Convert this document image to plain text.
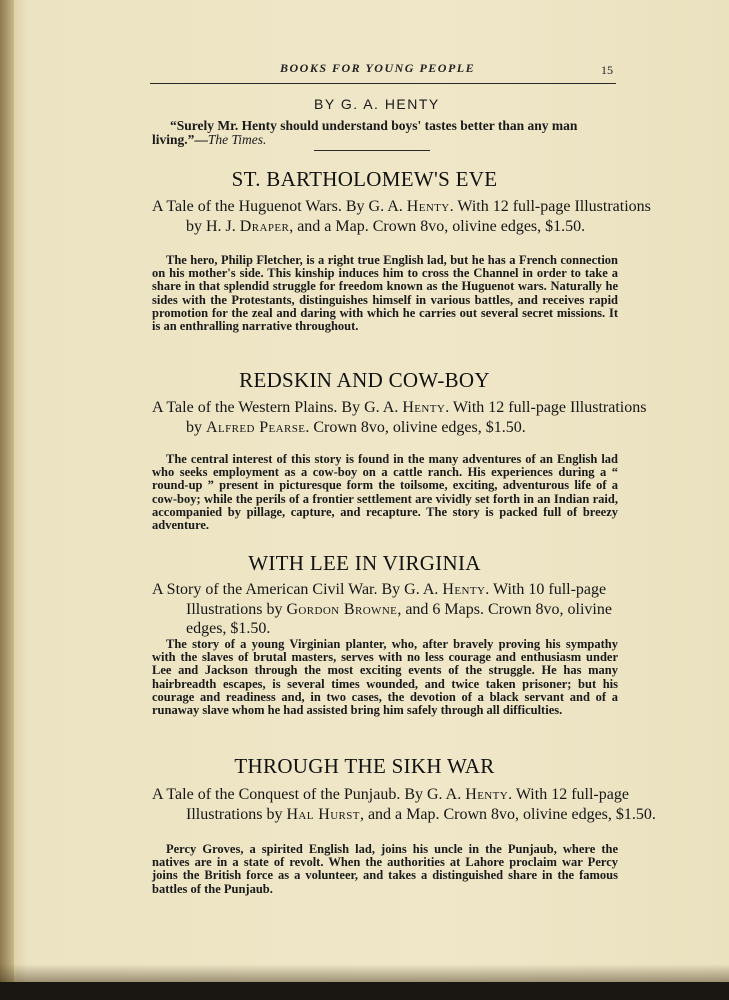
BOOKS FOR YOUNG PEOPLE	15
BY G. A. HENTY
“Surely Mr. Henty should understand boys' tastes better than any man living.”—The Times.
ST. BARTHOLOMEW'S EVE
A Tale of the Huguenot Wars. By G. A. Henty. With 12 full-page Illustrations by H. J. Draper, and a Map. Crown 8vo, olivine edges, $1.50.
The hero, Philip Fletcher, is a right true English lad, but he has a French connection on his mother's side. This kinship induces him to cross the Channel in order to take a share in that splendid struggle for freedom known as the Huguenot wars. Naturally he sides with the Protestants, distinguishes himself in various battles, and receives rapid promotion for the zeal and daring with which he carries out several secret missions. It is an enthralling narrative throughout.
REDSKIN AND COW-BOY
A Tale of the Western Plains. By G. A. Henty. With 12 full-page Illustrations by Alfred Pearse. Crown 8vo, olivine edges, $1.50.
The central interest of this story is found in the many adventures of an English lad who seeks employment as a cow-boy on a cattle ranch. His experiences during a “ round-up ” present in picturesque form the toilsome, exciting, adventurous life of a cow-boy; while the perils of a frontier settlement are vividly set forth in an Indian raid, accompanied by pillage, capture, and recapture. The story is packed full of breezy adventure.
WITH LEE IN VIRGINIA
A Story of the American Civil War. By G. A. Henty. With 10 full-page Illustrations by Gordon Browne, and 6 Maps. Crown 8vo, olivine edges, $1.50.
The story of a young Virginian planter, who, after bravely proving his sympathy with the slaves of brutal masters, serves with no less courage and enthusiasm under Lee and Jackson through the most exciting events of the struggle. He has many hairbreadth escapes, is several times wounded, and twice taken prisoner; but his courage and readiness and, in two cases, the devotion of a black servant and of a runaway slave whom he had assisted bring him safely through all difficulties.
THROUGH THE SIKH WAR
A Tale of the Conquest of the Punjaub. By G. A. Henty. With 12 full-page Illustrations by Hal Hurst, and a Map. Crown 8vo, olivine edges, $1.50.
Percy Groves, a spirited English lad, joins his uncle in the Punjaub, where the natives are in a state of revolt. When the authorities at Lahore proclaim war Percy joins the British force as a volunteer, and takes a distinguished share in the famous battles of the Punjaub.
